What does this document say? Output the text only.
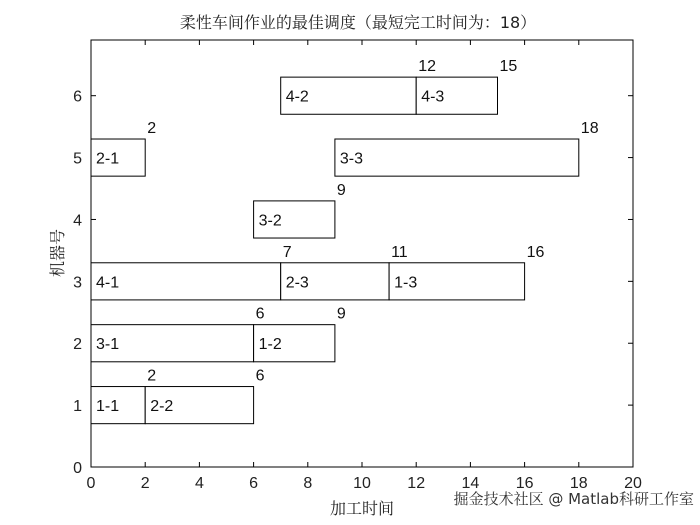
柔性车间作业的最佳调度（最短完工时间为：18）
0	2	4	6	8	10 12 14 16 18 20
0
1
2
3
4
5
6
1-1
2
2-2
6
3-1
6
1-2
9
4-1
7
2-3
11
1-3
16
3-2
9
2-1
2
3-3
18
4-2
12
4-3
15
加工时间
机器号
掘金技术社区 @ Matlab科研工作室
